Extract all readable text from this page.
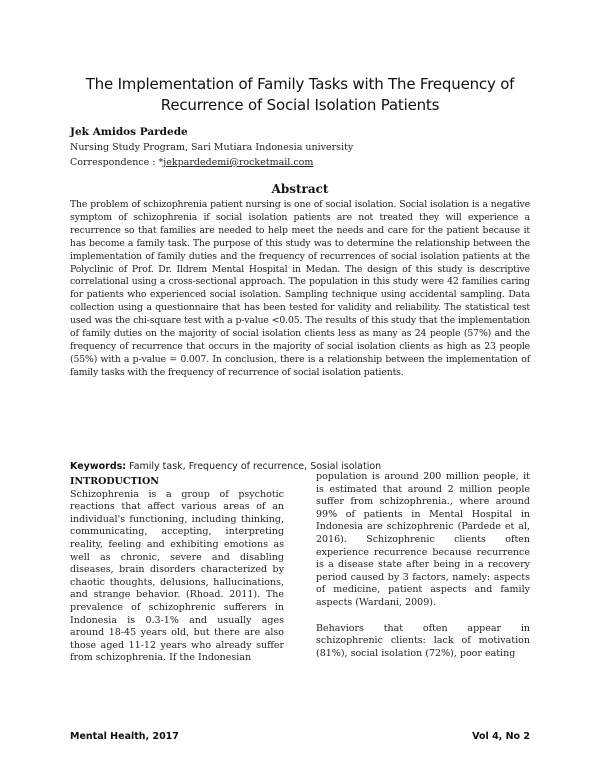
The Implementation of Family Tasks with The Frequency of
Recurrence of Social Isolation Patients
Jek Amidos Pardede
Nursing Study Program, Sari Mutiara Indonesia university
Correspondence : *jekpardedemi@rocketmail.com
Abstract

The problem of schizophrenia patient nursing is one of social isolation. Social isolation is a negative symptom of schizophrenia if social isolation patients are not treated they will experience a recurrence so that families are needed to help meet the needs and care for the patient because it has become a family task. The purpose of this study was to determine the relationship between the implementation of family duties and the frequency of recurrences of social isolation patients at the Polyclinic of Prof. Dr. Ildrem Mental Hospital in Medan. The design of this study is descriptive correlational using a cross-sectional approach. The population in this study were 42 families caring for patients who experienced social isolation. Sampling technique using accidental sampling. Data collection using a questionnaire that has been tested for validity and reliability. The statistical test used was the chi-square test with a p-value <0.05. The results of this study that the implementation of family duties on the majority of social isolation clients less as many as 24 people (57%) and the frequency of recurrence that occurs in the majority of social isolation clients as high as 23 people (55%) with a p-value = 0.007. In conclusion, there is a relationship between the implementation of family tasks with the frequency of recurrence of social isolation patients.

Keywords: Family task, Frequency of recurrence, Sosial isolation
INTRODUCTION

Schizophrenia is a group of psychotic reactions that affect various areas of an individual's functioning, including thinking, communicating, accepting, interpreting reality, feeling and exhibiting emotions as well as chronic, severe and disabling diseases, brain disorders characterized by chaotic thoughts, delusions, hallucinations, and strange behavior. (Rhoad. 2011). The prevalence of schizophrenic sufferers in Indonesia is 0.3-1% and usually ages around 18-45 years old, but there are also those aged 11-12 years who already suffer from schizophrenia. If the Indonesian

population is around 200 million people, it is estimated that around 2 million people suffer from schizophrenia., where around 99% of patients in Mental Hospital in Indonesia are schizophrenic (Pardede et al, 2016). Schizophrenic clients often experience recurrence because recurrence is a disease state after being in a recovery period caused by 3 factors, namely: aspects of medicine, patient aspects and family aspects (Wardani, 2009).

Behaviors that often appear in schizophrenic clients: lack of motivation (81%), social isolation (72%), poor eating

Mental Health, 2017	Vol 4, No 2
